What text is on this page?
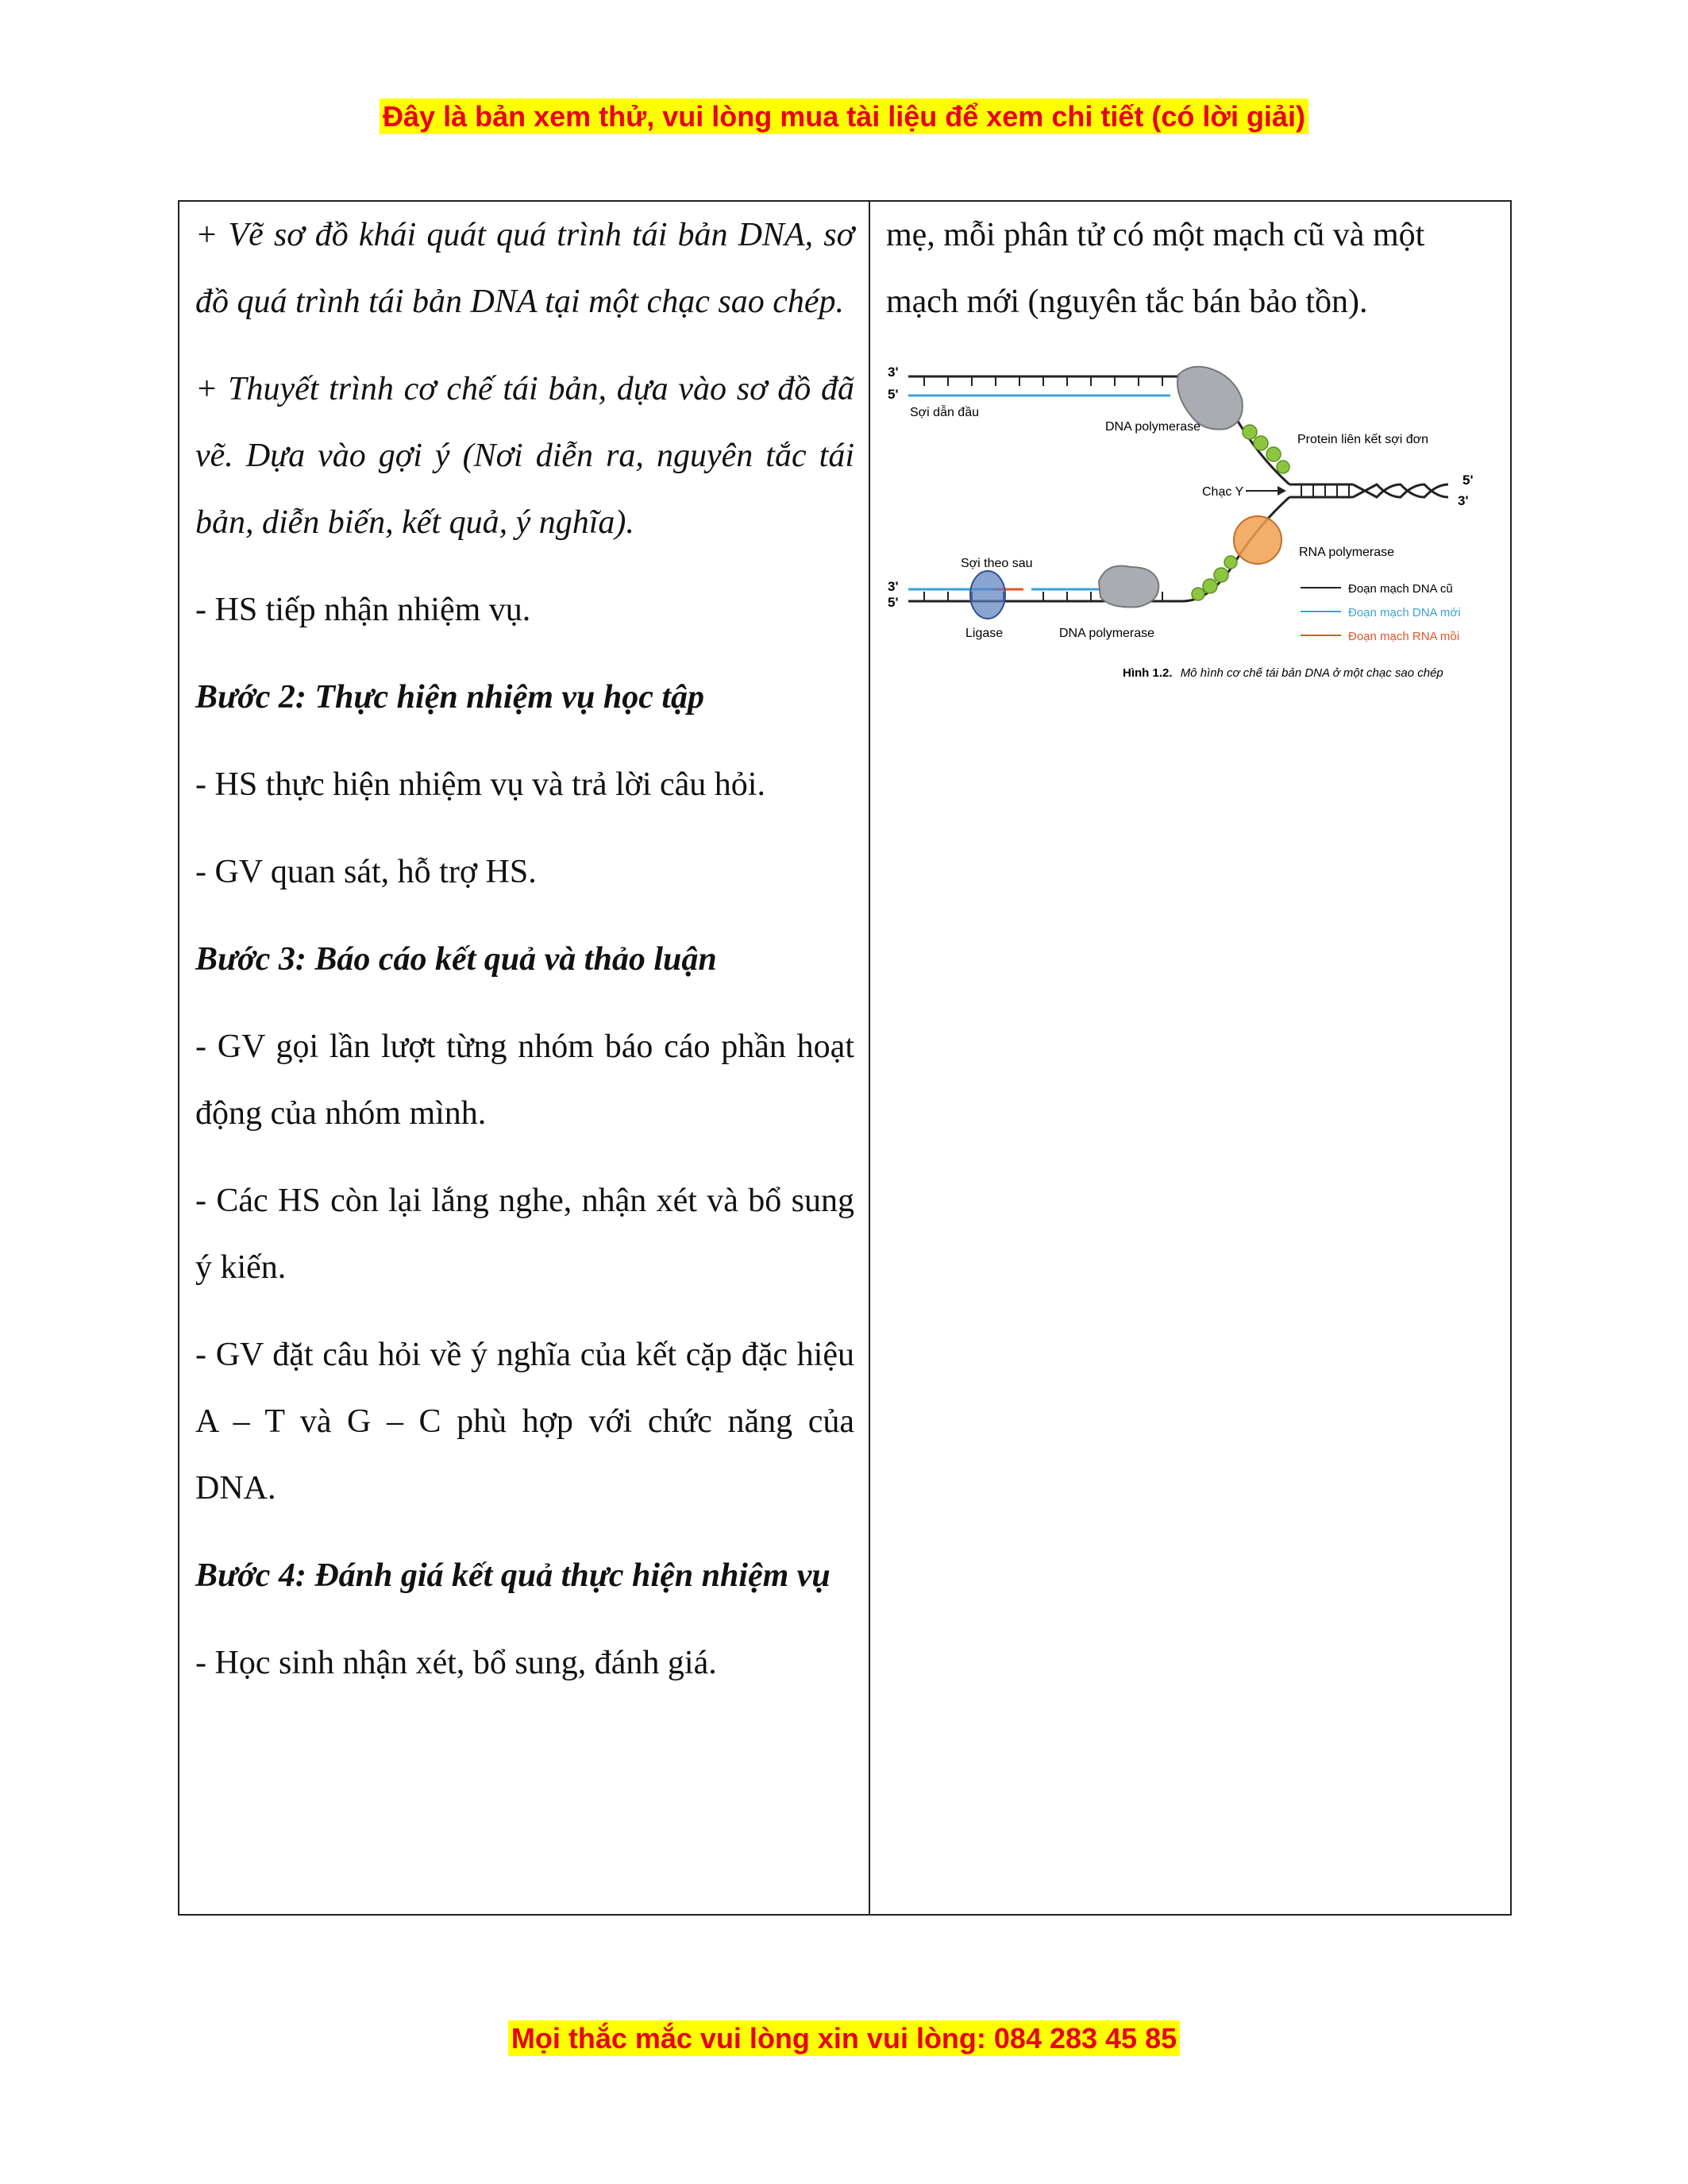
Đây là bản xem thử, vui lòng mua tài liệu để xem chi tiết (có lời giải)

+ Vẽ sơ đồ khái quát quá trình tái bản DNA, sơ đồ quá trình tái bản DNA tại một chạc sao chép.

+ Thuyết trình cơ chế tái bản, dựa vào sơ đồ đã vẽ. Dựa vào gợi ý (Nơi diễn ra, nguyên tắc tái bản, diễn biến, kết quả, ý nghĩa).

- HS tiếp nhận nhiệm vụ.

Bước 2: Thực hiện nhiệm vụ học tập

- HS thực hiện nhiệm vụ và trả lời câu hỏi.

- GV quan sát, hỗ trợ HS.

Bước 3: Báo cáo kết quả và thảo luận

- GV gọi lần lượt từng nhóm báo cáo phần hoạt động của nhóm mình.

- Các HS còn lại lắng nghe, nhận xét và bổ sung ý kiến.

- GV đặt câu hỏi về ý nghĩa của kết cặp đặc hiệu A – T và G – C phù hợp với chức năng của DNA.

Bước 4: Đánh giá kết quả thực hiện nhiệm vụ

- Học sinh nhận xét, bổ sung, đánh giá.

mẹ, mỗi phân tử có một mạch cũ và một mạch mới (nguyên tắc bán bảo tồn).

3'
5'
Sợi dẫn đầu
DNA polymerase
Protein liên kết sợi đơn
Chạc Y
5'
3'
RNA polymerase
Sợi theo sau
3'
5'
Ligase	DNA polymerase
Đoạn mạch DNA cũ
Đoạn mạch DNA mới
Đoạn mạch RNA mồi
Hình 1.2. Mô hình cơ chế tái bản DNA ở một chạc sao chép
Mọi thắc mắc vui lòng xin vui lòng: 084 283 45 85
